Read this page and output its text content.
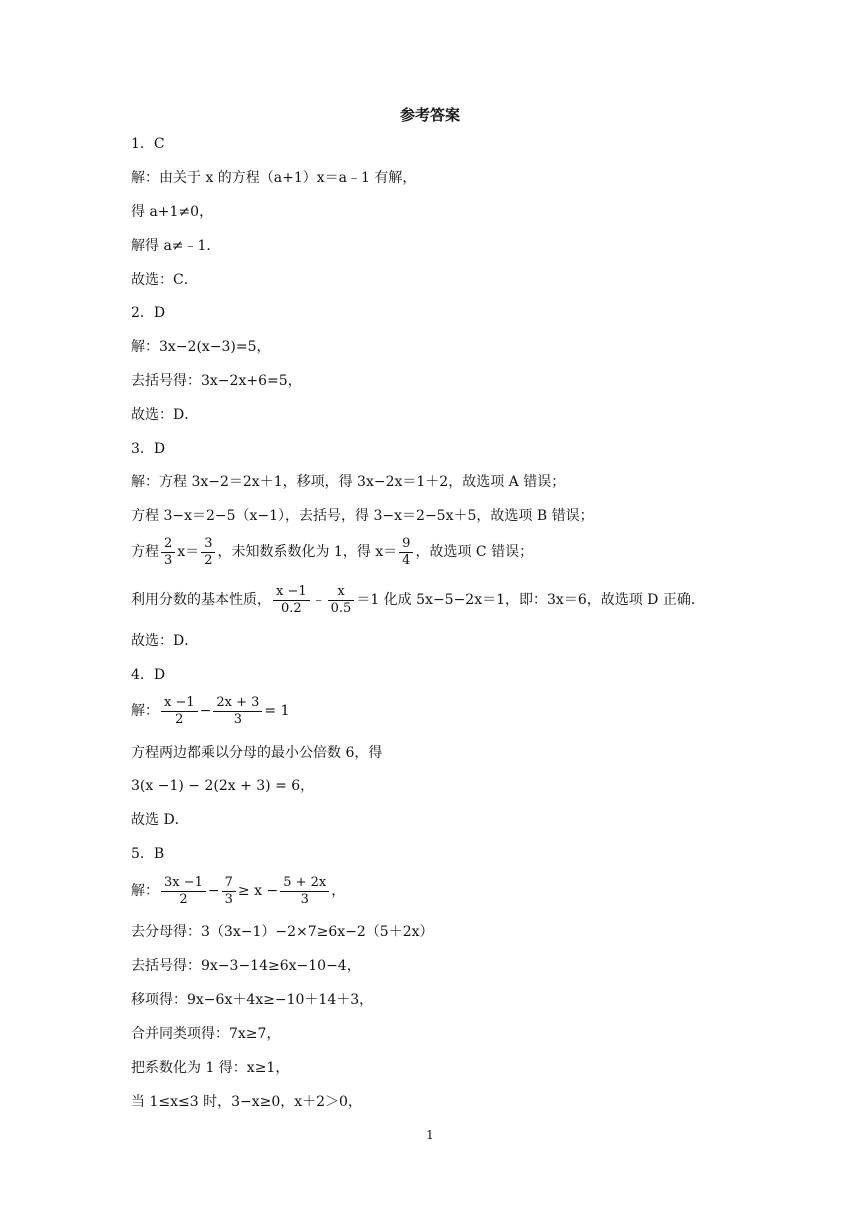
参考答案
1．C
解：由关于 x 的方程（a+1）x＝a﹣1 有解，
得 a+1≠0，
解得 a≠﹣1．
故选：C．
2．D
解：3x−2(x−3)=5，
去括号得：3x−2x+6=5，
故选：D．
3．D
解：方程 3x−2＝2x＋1，移项，得 3x−2x＝1＋2，故选项 A 错误；
方程 3−x＝2−5（x−1），去括号，得 3−x＝2−5x＋5，故选项 B 错误；
方程 $\frac{2}{3} x= \frac{3}{2}$ ，未知数系数化为 1，得 $x= \frac{9}{4}$ ，故选项 C 错误；
利用分数的基本性质， $\frac{x -1}{0.2}$ ﹣ $\frac{x}{0.5} =1$ 化成 5x−5−2x＝1，即：3x＝6，故选项 D 正确．
故选：D．
4．D
解： $\frac{x -1}{2} - \frac{2x + 3}{3} = 1$
方程两边都乘以分母的最小公倍数 6，得
3(x −1) − 2(2x + 3) = 6，
故选 D．
5．B
解： $\frac{3x -1}{2} - \frac{7}{3} \ge x - \frac{5 + 2x}{3}$ ，
去分母得：3（3x−1）−2×7≥6x−2（5＋2x）
去括号得：9x−3−14≥6x−10−4，
移项得：9x−6x＋4x≥−10＋14＋3，
合并同类项得：7x≥7，
把系数化为 1 得：x≥1，
当 1≤x≤3 时，3−x≥0，x＋2＞0，
1
